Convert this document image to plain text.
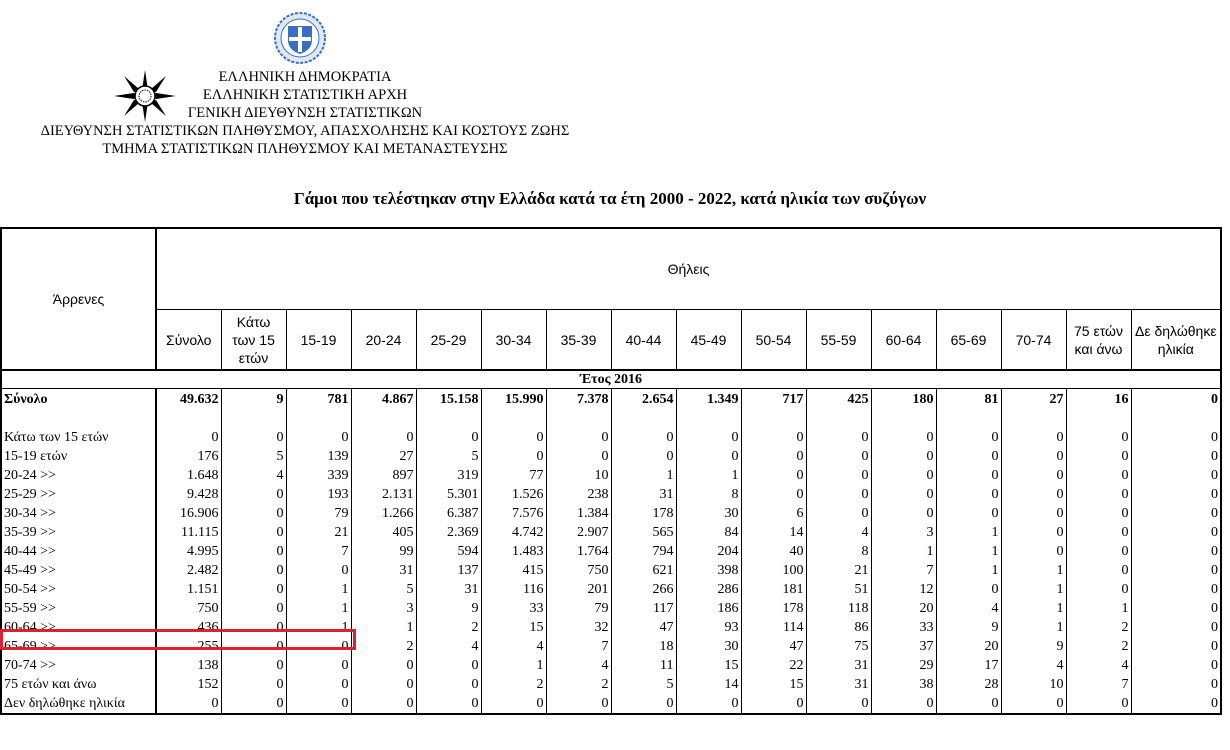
ΕΛΛΗΝΙΚΗ ΔΗΜΟΚΡΑΤΙΑ
ΕΛΛΗΝΙΚΗ ΣΤΑΤΙΣΤΙΚΗ ΑΡΧΗ
ΓΕΝΙΚΗ ΔΙΕΥΘΥΝΣΗ ΣΤΑΤΙΣΤΙΚΩΝ
ΔΙΕΥΘΥΝΣΗ ΣΤΑΤΙΣΤΙΚΩΝ ΠΛΗΘΥΣΜΟΥ, ΑΠΑΣΧΟΛΗΣΗΣ ΚΑΙ ΚΟΣΤΟΥΣ ΖΩΗΣ
ΤΜΗΜΑ ΣΤΑΤΙΣΤΙΚΩΝ ΠΛΗΘΥΣΜΟΥ ΚΑΙ ΜΕΤΑΝΑΣΤΕΥΣΗΣ
Γάμοι που τελέστηκαν στην Ελλάδα κατά τα έτη 2000 - 2022, κατά ηλικία των συζύγων
Άρρενες	Θήλεις															
	Σύνολο	Κάτω των 15 ετών	15-19	20-24	25-29	30-34	35-39	40-44	45-49	50-54	55-59	60-64	65-69	70-74	75 ετών και άνω	Δε δηλώθηκε ηλικία
Έτος 2016																
Σύνολο	49.632	9	781	4.867	15.158	15.990	7.378	2.654	1.349	717	425	180	81	27	16	0

Κάτω των 15 ετών	0	0	0	0	0	0	0	0	0	0	0	0	0	0	0	0
15-19 ετών	176	5	139	27	5	0	0	0	0	0	0	0	0	0	0	0
20-24 >>	1.648	4	339	897	319	77	10	1	1	0	0	0	0	0	0	0
25-29 >>	9.428	0	193	2.131	5.301	1.526	238	31	8	0	0	0	0	0	0	0
30-34 >>	16.906	0	79	1.266	6.387	7.576	1.384	178	30	6	0	0	0	0	0	0
35-39 >>	11.115	0	21	405	2.369	4.742	2.907	565	84	14	4	3	1	0	0	0
40-44 >>	4.995	0	7	99	594	1.483	1.764	794	204	40	8	1	1	0	0	0
45-49 >>	2.482	0	0	31	137	415	750	621	398	100	21	7	1	1	0	0
50-54 >>	1.151	0	1	5	31	116	201	266	286	181	51	12	0	1	0	0
55-59 >>	750	0	1	3	9	33	79	117	186	178	118	20	4	1	1	0
60-64 >>	436	0	1	1	2	15	32	47	93	114	86	33	9	1	2	0
65-69 >>	255	0	0	2	4	4	7	18	30	47	75	37	20	9	2	0
70-74 >>	138	0	0	0	0	1	4	11	15	22	31	29	17	4	4	0
75 ετών και άνω	152	0	0	0	0	2	2	5	14	15	31	38	28	10	7	0
Δεν δηλώθηκε ηλικία	0	0	0	0	0	0	0	0	0	0	0	0	0	0	0	0
